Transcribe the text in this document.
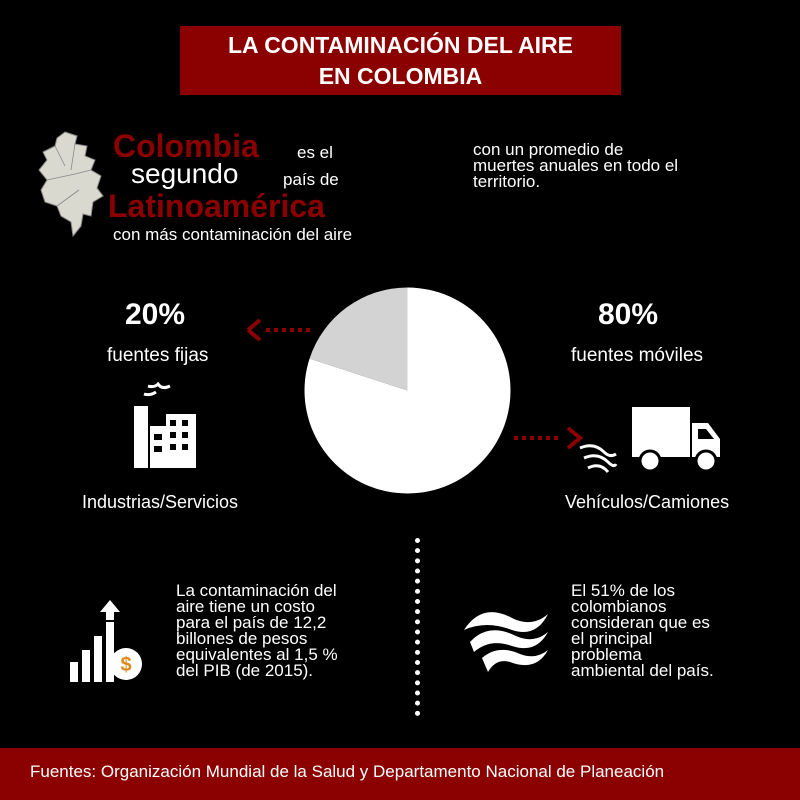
LA CONTAMINACIÓN DEL AIRE
EN COLOMBIA
Colombia es el
segundo	país de
Latinoamérica
con más contaminación del aire
con un promedio de
muertes anuales en todo el
territorio.
20%
fuentes fijas
Industrias/Servicios
80%
fuentes móviles
Vehículos/Camiones
$
La contaminación del
aire tiene un costo
para el país de 12,2
billones de pesos
equivalentes al 1,5 %
del PIB (de 2015).
El 51% de los
colombianos
consideran que es
el principal
problema
ambiental del país.
Fuentes: Organización Mundial de la Salud y Departamento Nacional de Planeación
